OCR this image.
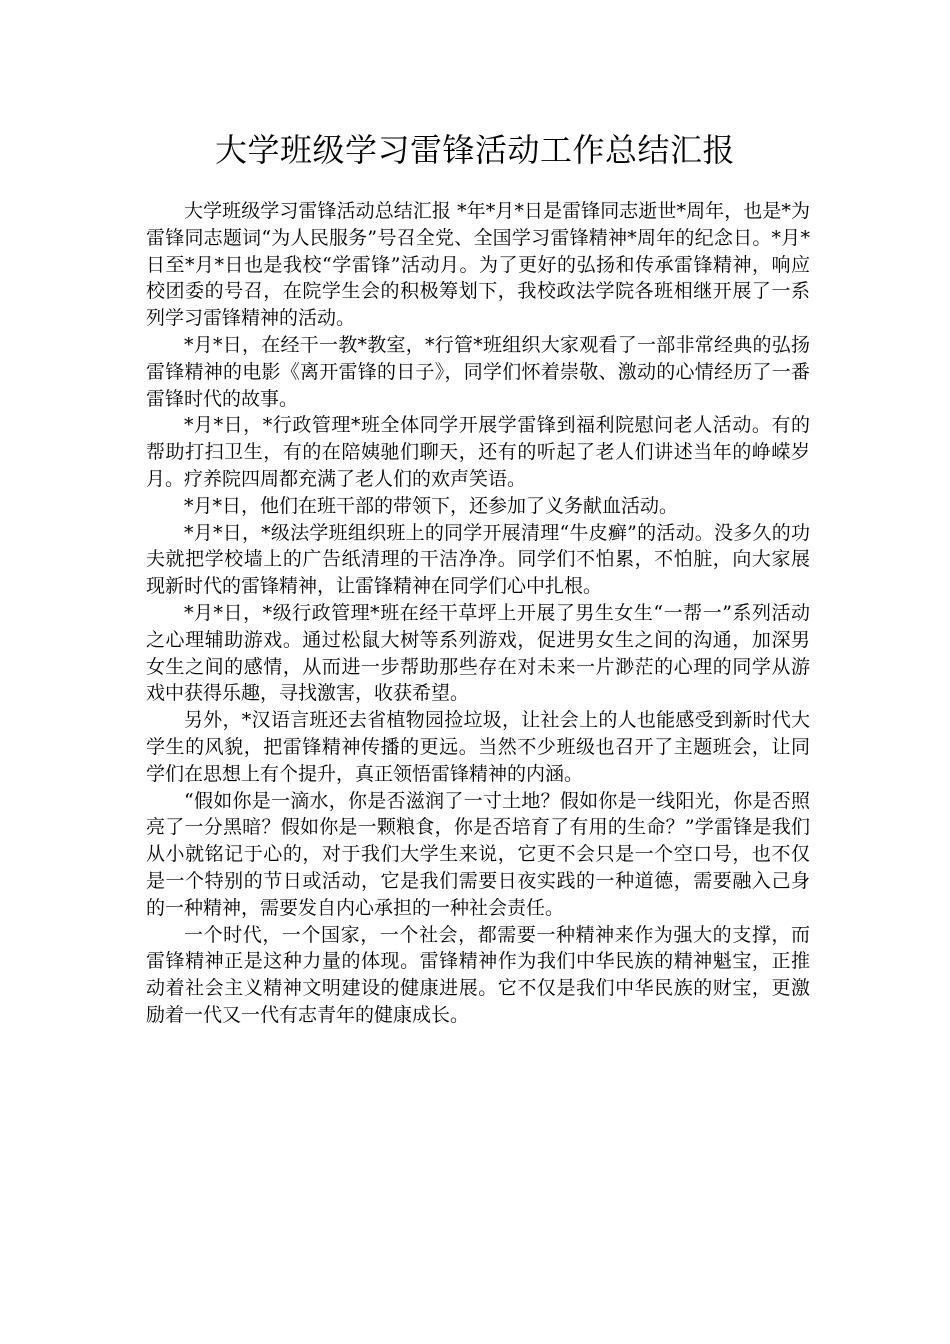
大学班级学习雷锋活动工作总结汇报

大学班级学习雷锋活动总结汇报 *年*月*日是雷锋同志逝世*周年，也是*为雷锋同志题词“为人民服务”号召全党、全国学习雷锋精神*周年的纪念日。*月*日至*月*日也是我校“学雷锋”活动月。为了更好的弘扬和传承雷锋精神，响应校团委的号召，在院学生会的积极筹划下，我校政法学院各班相继开展了一系列学习雷锋精神的活动。

*月*日，在经干一教*教室，*行管*班组织大家观看了一部非常经典的弘扬雷锋精神的电影《离开雷锋的日子》，同学们怀着崇敬、激动的心情经历了一番雷锋时代的故事。

*月*日，*行政管理*班全体同学开展学雷锋到福利院慰问老人活动。有的帮助打扫卫生，有的在陪姨驰们聊天，还有的听起了老人们讲述当年的峥嵘岁月。疗养院四周都充满了老人们的欢声笑语。

*月*日，他们在班干部的带领下，还参加了义务献血活动。

*月*日，*级法学班组织班上的同学开展清理“牛皮癣”的活动。没多久的功夫就把学校墙上的广告纸清理的干洁净净。同学们不怕累，不怕脏，向大家展现新时代的雷锋精神，让雷锋精神在同学们心中扎根。

*月*日，*级行政管理*班在经干草坪上开展了男生女生“一帮一”系列活动之心理辅助游戏。通过松鼠大树等系列游戏，促进男女生之间的沟通，加深男女生之间的感情，从而进一步帮助那些存在对未来一片渺茫的心理的同学从游戏中获得乐趣，寻找激害，收获希望。

另外，*汉语言班还去省植物园捡垃圾，让社会上的人也能感受到新时代大学生的风貌，把雷锋精神传播的更远。当然不少班级也召开了主题班会，让同学们在思想上有个提升，真正领悟雷锋精神的内涵。

“假如你是一滴水，你是否滋润了一寸土地？假如你是一线阳光，你是否照亮了一分黑暗？假如你是一颗粮食，你是否培育了有用的生命？”学雷锋是我们从小就铭记于心的，对于我们大学生来说，它更不会只是一个空口号，也不仅是一个特别的节日或活动，它是我们需要日夜实践的一种道德，需要融入己身的一种精神，需要发自内心承担的一种社会责任。

一个时代，一个国家，一个社会，都需要一种精神来作为强大的支撑，而雷锋精神正是这种力量的体现。雷锋精神作为我们中华民族的精神魁宝，正推动着社会主义精神文明建设的健康进展。它不仅是我们中华民族的财宝，更激励着一代又一代有志青年的健康成长。
